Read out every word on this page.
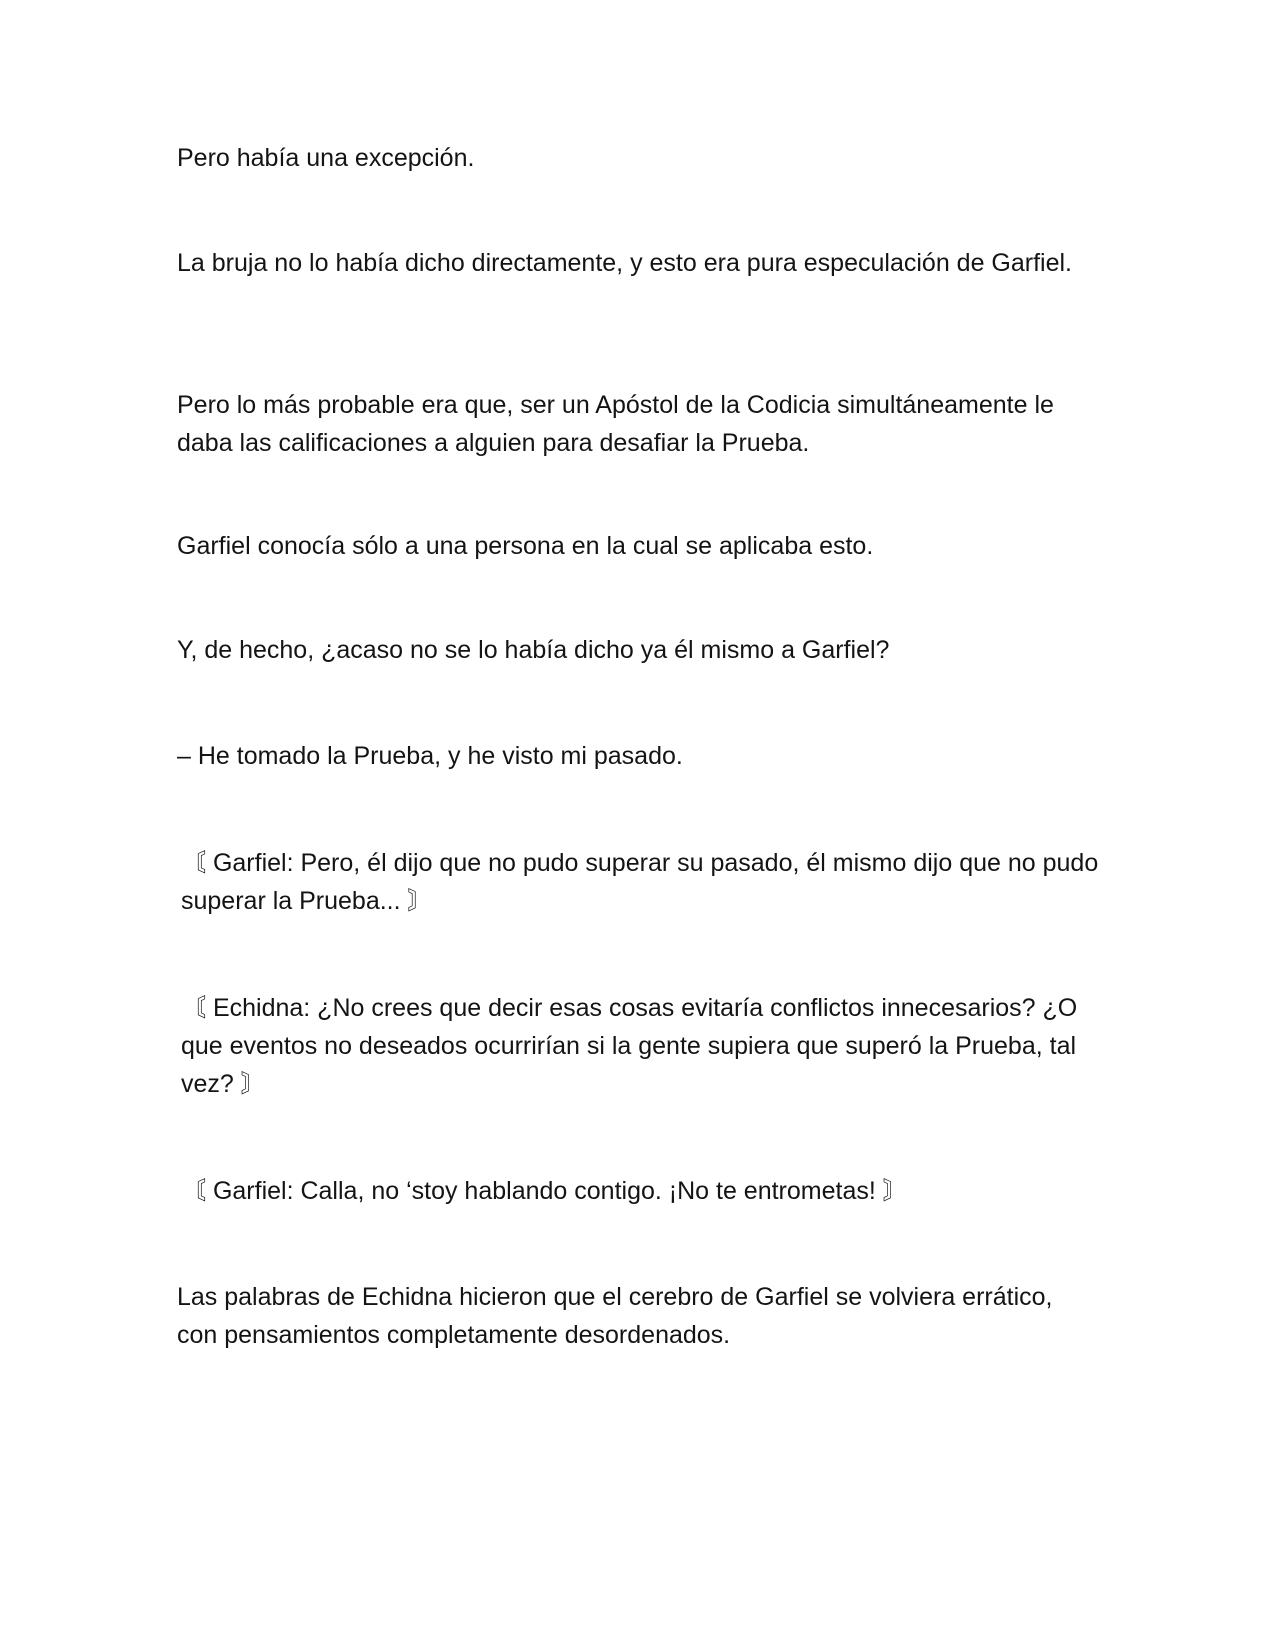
Pero había una excepción.

La bruja no lo había dicho directamente, y esto era pura especulación de Garfiel.

Pero lo más probable era que, ser un Apóstol de la Codicia simultáneamente le daba las calificaciones a alguien para desafiar la Prueba.

Garfiel conocía sólo a una persona en la cual se aplicaba esto.

Y, de hecho, ¿acaso no se lo había dicho ya él mismo a Garfiel?

– He tomado la Prueba, y he visto mi pasado.

〘 Garfiel: Pero, él dijo que no pudo superar su pasado, él mismo dijo que no pudo superar la Prueba... 〙

〘 Echidna: ¿No crees que decir esas cosas evitaría conflictos innecesarios? ¿O que eventos no deseados ocurrirían si la gente supiera que superó la Prueba, tal vez? 〙

〘 Garfiel: Calla, no ‘stoy hablando contigo. ¡No te entrometas! 〙

Las palabras de Echidna hicieron que el cerebro de Garfiel se volviera errático, con pensamientos completamente desordenados.
